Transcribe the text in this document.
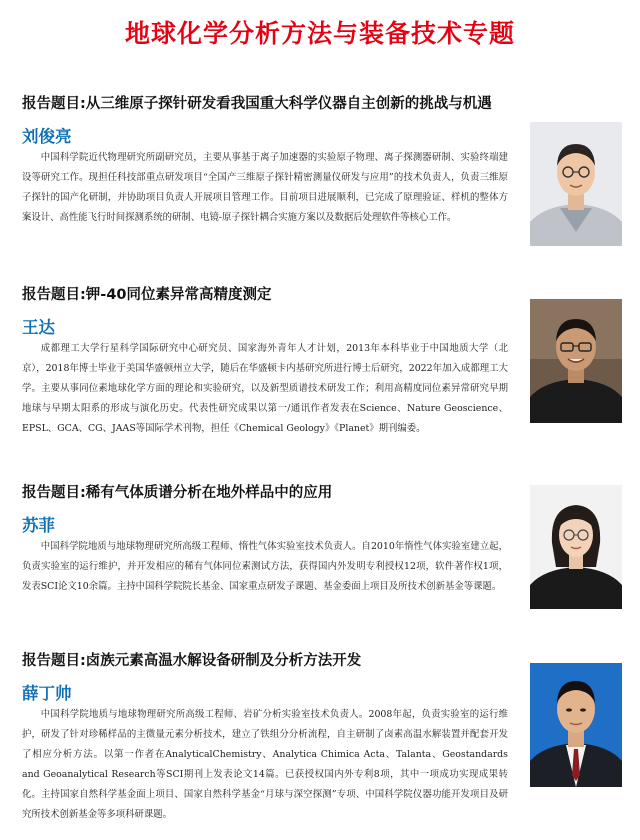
地球化学分析方法与装备技术专题
报告题目:从三维原子探针研发看我国重大科学仪器自主创新的挑战与机遇
刘俊亮

中国科学院近代物理研究所副研究员，主要从事基于离子加速器的实验原子物理、离子探测器研制、实验终端建设等研究工作。现担任科技部重点研发项目“全国产三维原子探针精密测量仪研发与应用”的技术负责人，负责三维原子探针的国产化研制，并协助项目负责人开展项目管理工作。目前项目进展顺利，已完成了原理验证、样机的整体方案设计、高性能飞行时间探测系统的研制、电镜-原子探针耦合实施方案以及数据后处理软件等核心工作。

报告题目:钾-40同位素异常高精度测定
王达

成都理工大学行星科学国际研究中心研究员、国家海外青年人才计划，2013年本科毕业于中国地质大学（北京），2018年博士毕业于美国华盛顿州立大学，随后在华盛顿卡内基研究所进行博士后研究，2022年加入成都理工大学。主要从事同位素地球化学方面的理论和实验研究，以及新型质谱技术研发工作；利用高精度同位素异常研究早期地球与早期太阳系的形成与演化历史。代表性研究成果以第一/通讯作者发表在Science、Nature Geoscience、EPSL、GCA、CG、JAAS等国际学术刊物，担任《Chemical Geology》《Planet》期刊编委。

报告题目:稀有气体质谱分析在地外样品中的应用
苏菲

中国科学院地质与地球物理研究所高级工程师、惰性气体实验室技术负责人。自2010年惰性气体实验室建立起，负责实验室的运行维护，并开发相应的稀有气体同位素测试方法，获得国内外发明专利授权12项，软件著作权1项，发表SCI论文10余篇。主持中国科学院院长基金、国家重点研发子课题、基金委面上项目及所技术创新基金等课题。

报告题目:卤族元素高温水解设备研制及分析方法开发
薛丁帅

中国科学院地质与地球物理研究所高级工程师、岩矿分析实验室技术负责人。2008年起，负责实验室的运行维护，研发了针对珍稀样品的主微量元素分析技术，建立了铁组分分析流程，自主研制了卤素高温水解装置并配套开发了相应分析方法。以第一作者在AnalyticalChemistry、Analytica Chimica Acta、Talanta、Geostandards and Geoanalytical Research等SCI期刊上发表论文14篇。已获授权国内外专利8项，其中一项成功实现成果转化。主持国家自然科学基金面上项目、国家自然科学基金“月球与深空探测”专项、中国科学院仪器功能开发项目及研究所技术创新基金等多项科研课题。
